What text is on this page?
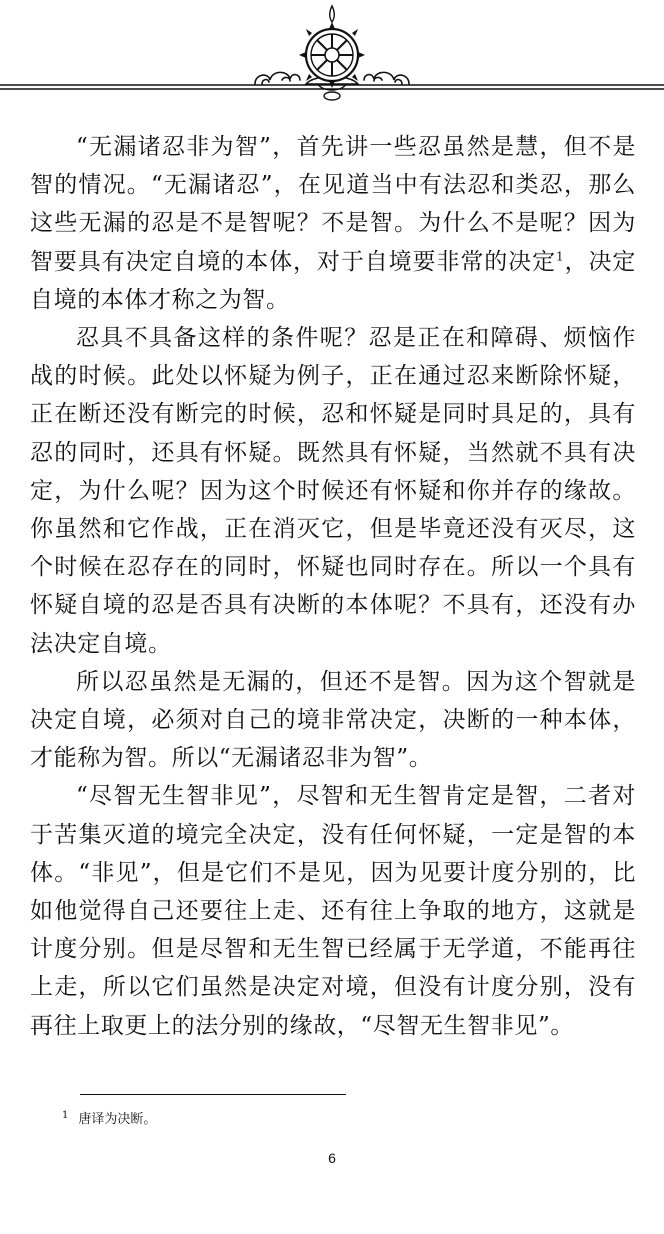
“无漏诸忍非为智”，首先讲一些忍虽然是慧，但不是智的情况。“无漏诸忍”，在见道当中有法忍和类忍，那么这些无漏的忍是不是智呢？不是智。为什么不是呢？因为智要具有决定自境的本体，对于自境要非常的决定$^1$，决定自境的本体才称之为智。

忍具不具备这样的条件呢？忍是正在和障碍、烦恼作战的时候。此处以怀疑为例子，正在通过忍来断除怀疑，正在断还没有断完的时候，忍和怀疑是同时具足的，具有忍的同时，还具有怀疑。既然具有怀疑，当然就不具有决定，为什么呢？因为这个时候还有怀疑和你并存的缘故。你虽然和它作战，正在消灭它，但是毕竟还没有灭尽，这个时候在忍存在的同时，怀疑也同时存在。所以一个具有怀疑自境的忍是否具有决断的本体呢？不具有，还没有办法决定自境。

所以忍虽然是无漏的，但还不是智。因为这个智就是决定自境，必须对自己的境非常决定，决断的一种本体，才能称为智。所以“无漏诸忍非为智”。

“尽智无生智非见”，尽智和无生智肯定是智，二者对于苦集灭道的境完全决定，没有任何怀疑，一定是智的本体。“非见”，但是它们不是见，因为见要计度分别的，比如他觉得自己还要往上走、还有往上争取的地方，这就是计度分别。但是尽智和无生智已经属于无学道，不能再往上走，所以它们虽然是决定对境，但没有计度分别，没有再往上取更上的法分别的缘故，“尽智无生智非见”。

$^1$ 唐译为决断。
6
